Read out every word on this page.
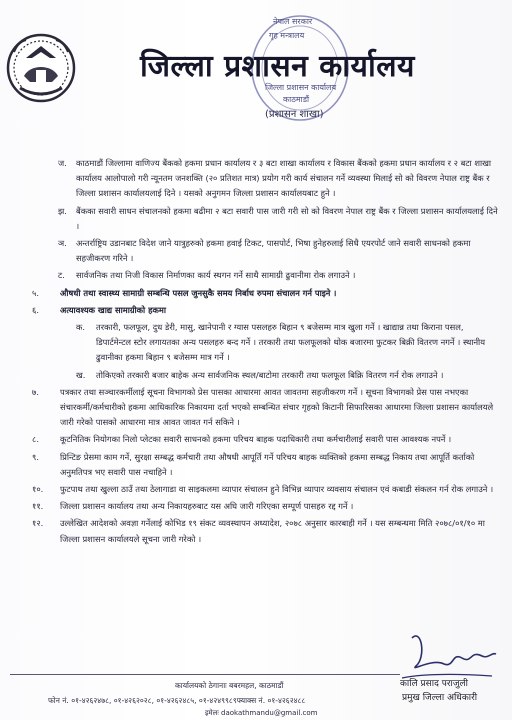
नेपाल सरकार
गृह मन्त्रालय
जिल्ला प्रशासन कार्यालय
काठमाडौं
जिल्ला प्रशासन कार्यालय
(प्रशासन शाखा)
ज.	काठमाडौं जिल्लामा वाणिज्य बैंकको हकमा प्रधान कार्यालय र ३ बटा शाखा कार्यालय र विकास बैंकको हकमा प्रधान कार्यालय र २ बटा शाखा कार्यालय आलोपालो गरी न्यूनतम जनशक्ति (२० प्रतिशत मात्र) प्रयोग गरी कार्य संचालन गर्ने व्यवस्था मिलाई सो को विवरण नेपाल राष्ट्र बैंक र जिल्ला प्रशासन कार्यालयलाई दिने । यसको अनुगमन जिल्ला प्रशासन कार्यालयबाट हुने ।
झ.	बैंकका सवारी साधन संचालनको हकमा बढीमा २ बटा सवारी पास जारी गरी सो को विवरण नेपाल राष्ट्र बैंक र जिल्ला प्रशासन कार्यालयलाई दिने ।
ञ.	अन्तर्राष्ट्रिय उडानबाट विदेश जाने यात्रुहरुको हकमा हवाई टिकट, पासपोर्ट, भिषा हुनेहरुलाई सिधै एयरपोर्ट जाने सवारी साधनको हकमा सहजीकरण गरिने ।
ट.	सार्वजनिक तथा निजी विकास निर्माणका कार्य स्थगन गर्ने साथै सामाग्री ढुवानीमा रोक लगाउने ।
५.	औषधी तथा स्वास्थ्य सामाग्री सम्बन्धि पसल जुनसुकै समय निर्बाध रुपमा संचालन गर्न पाइने ।
६.	अत्यावश्यक खाद्य सामाग्रीको हकमा
क.	तरकारी, फलफूल, दुध डेरी, मासु, खानेपानी र ग्यास पसलहरु बिहान ९ बजेसम्म मात्र खुला गर्ने । खाद्यान्न तथा किराना पसल, डिपार्टमेन्टल स्टोर लगायतका अन्य पसलहरु बन्द गर्ने । तरकारी तथा फलफूलको थोक बजारमा फुटकर बिक्री वितरण नगर्ने । स्थानीय ढुवानीका हकमा बिहान ९ बजेसम्म मात्र गर्ने ।
ख.	तोकिएको तरकारी बजार बाहेक अन्य सार्वजनिक स्थल/बाटोमा तरकारी तथा फलफूल बिक्रि वितरण गर्न रोक लगाउने ।
७.	पत्रकार तथा सञ्चारकर्मीलाई सूचना विभागको प्रेस पासका आधारमा आवत जावतमा सहजीकरण गर्ने । सूचना विभागको प्रेस पास नभएका संचारकर्मी/कर्मचारीको हकमा आधिकारिक निकायमा दर्ता भएको सम्बन्धित संचार गृहको किटानी सिफारिसका आधारमा जिल्ला प्रशासन कार्यालयले जारी गरेको पासको आधारमा मात्र आवत जावत गर्न सकिने ।
८.	कूटनितिक नियोगका निलो प्लेटका सवारी साधनको हकमा परिचय बाहक पदाधिकारी तथा कर्मचारीलाई सवारी पास आवश्यक नपर्ने ।
९.	प्रिन्टिङ प्रेसमा काम गर्ने, सुरक्षा सम्बद्ध कर्मचारी तथा औषधी आपूर्ति गर्ने परिचय बाहक व्यक्तिको हकमा सम्बद्ध निकाय तथा आपूर्ति कर्ताको अनुमतिपत्र भए सवारी पास नचाहिने ।
१०.	फुटपाथ तथा खुल्ला ठाउँ तथा ठेलागाडा वा साइकलमा व्यापार संचालन हुने विभिन्न व्यापार व्यवसाय संचालन एवं कबाडी संकलन गर्न रोक लगाउने ।
११.	जिल्ला प्रशासन कार्यालय तथा अन्य निकायहरुबाट यस अघि जारी गरिएका सम्पूर्ण पासहरु रद्द गर्ने ।
१२.	उल्लेखित आदेशको अवज्ञा गर्नेलाई कोभिड १९ संकट व्यवस्थापन अध्यादेश, २०७८ अनुसार कारबाही गर्ने । यस सम्बन्धमा मिति २०७८/०१/१० मा जिल्ला प्रशासन कार्यालयले सूचना जारी गरेको ।
कालि प्रसाद पराजुली
प्रमुख जिल्ला अधिकारी
कार्यालयको ठेगानाः बबरमहल, काठमाडौं
फोन नं. ०१-४२६२४७८, ०१-४२६२०२८, ०१-४२६२४८५, ०१-४२४९९८९फ्याक्स नं. ०१-४२६२४८८
इमेलः daokathmandu@gmail.com
